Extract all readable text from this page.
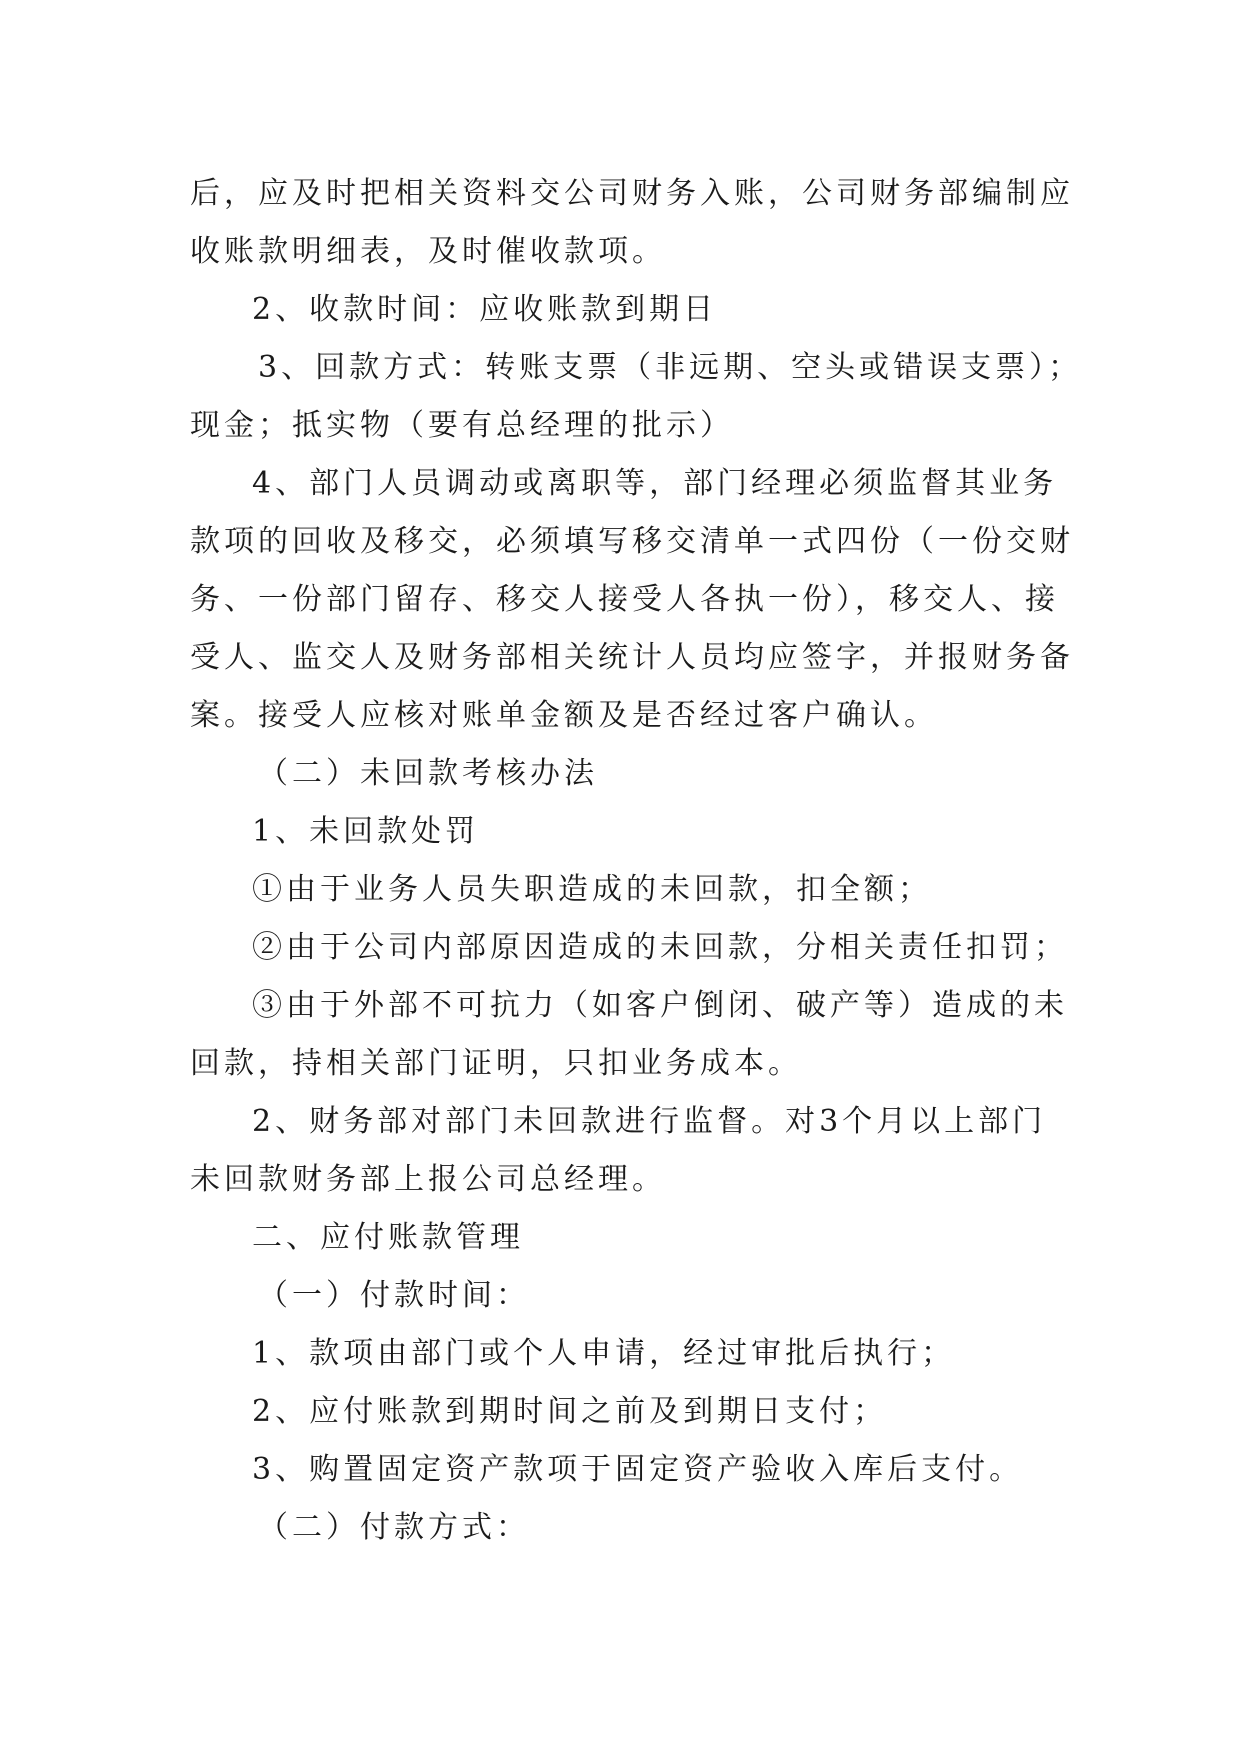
后，应及时把相关资料交公司财务入账，公司财务部编制应
收账款明细表，及时催收款项。
2、收款时间：应收账款到期日
3、回款方式：转账支票（非远期、空头或错误支票）；
现金；抵实物（要有总经理的批示）
4、部门人员调动或离职等，部门经理必须监督其业务
款项的回收及移交，必须填写移交清单一式四份（一份交财
务、一份部门留存、移交人接受人各执一份），移交人、接
受人、监交人及财务部相关统计人员均应签字，并报财务备
案。接受人应核对账单金额及是否经过客户确认。
（二）未回款考核办法
1、未回款处罚
①由于业务人员失职造成的未回款，扣全额；
②由于公司内部原因造成的未回款，分相关责任扣罚；
③由于外部不可抗力（如客户倒闭、破产等）造成的未
回款，持相关部门证明，只扣业务成本。
2、财务部对部门未回款进行监督。对3个月以上部门
未回款财务部上报公司总经理。
二、应付账款管理
（一）付款时间：
1、款项由部门或个人申请，经过审批后执行；
2、应付账款到期时间之前及到期日支付；
3、购置固定资产款项于固定资产验收入库后支付。
（二）付款方式：
